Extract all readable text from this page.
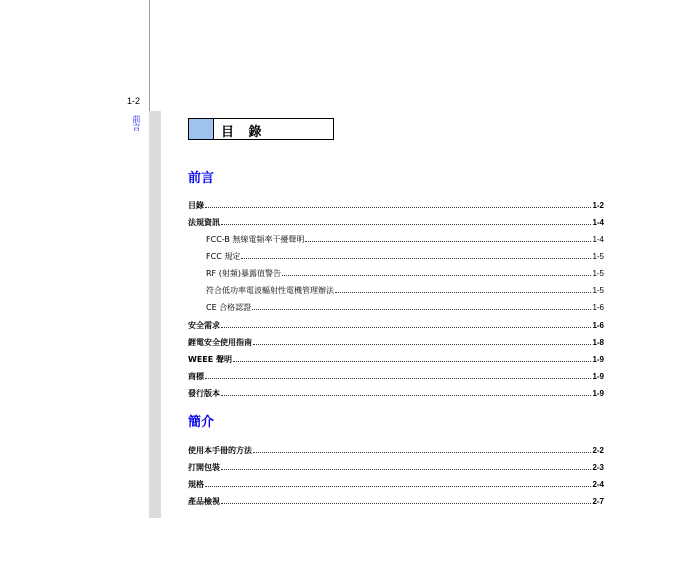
1-2
前言
目 錄
前言
目錄	1-2
法規資訊	1-4
FCC-B 無線電頻率干擾聲明	1-4
FCC 規定	1-5
RF (射頻)暴露值警告	1-5
符合低功率電波輻射性電機管理辦法	1-5
CE 合格認證	1-6
安全需求	1-6
鋰電安全使用指南	1-8
WEEE 聲明	1-9
商標	1-9
發行版本	1-9
簡介
使用本手冊的方法	2-2
打開包裝	2-3
規格	2-4
產品檢視	2-7
